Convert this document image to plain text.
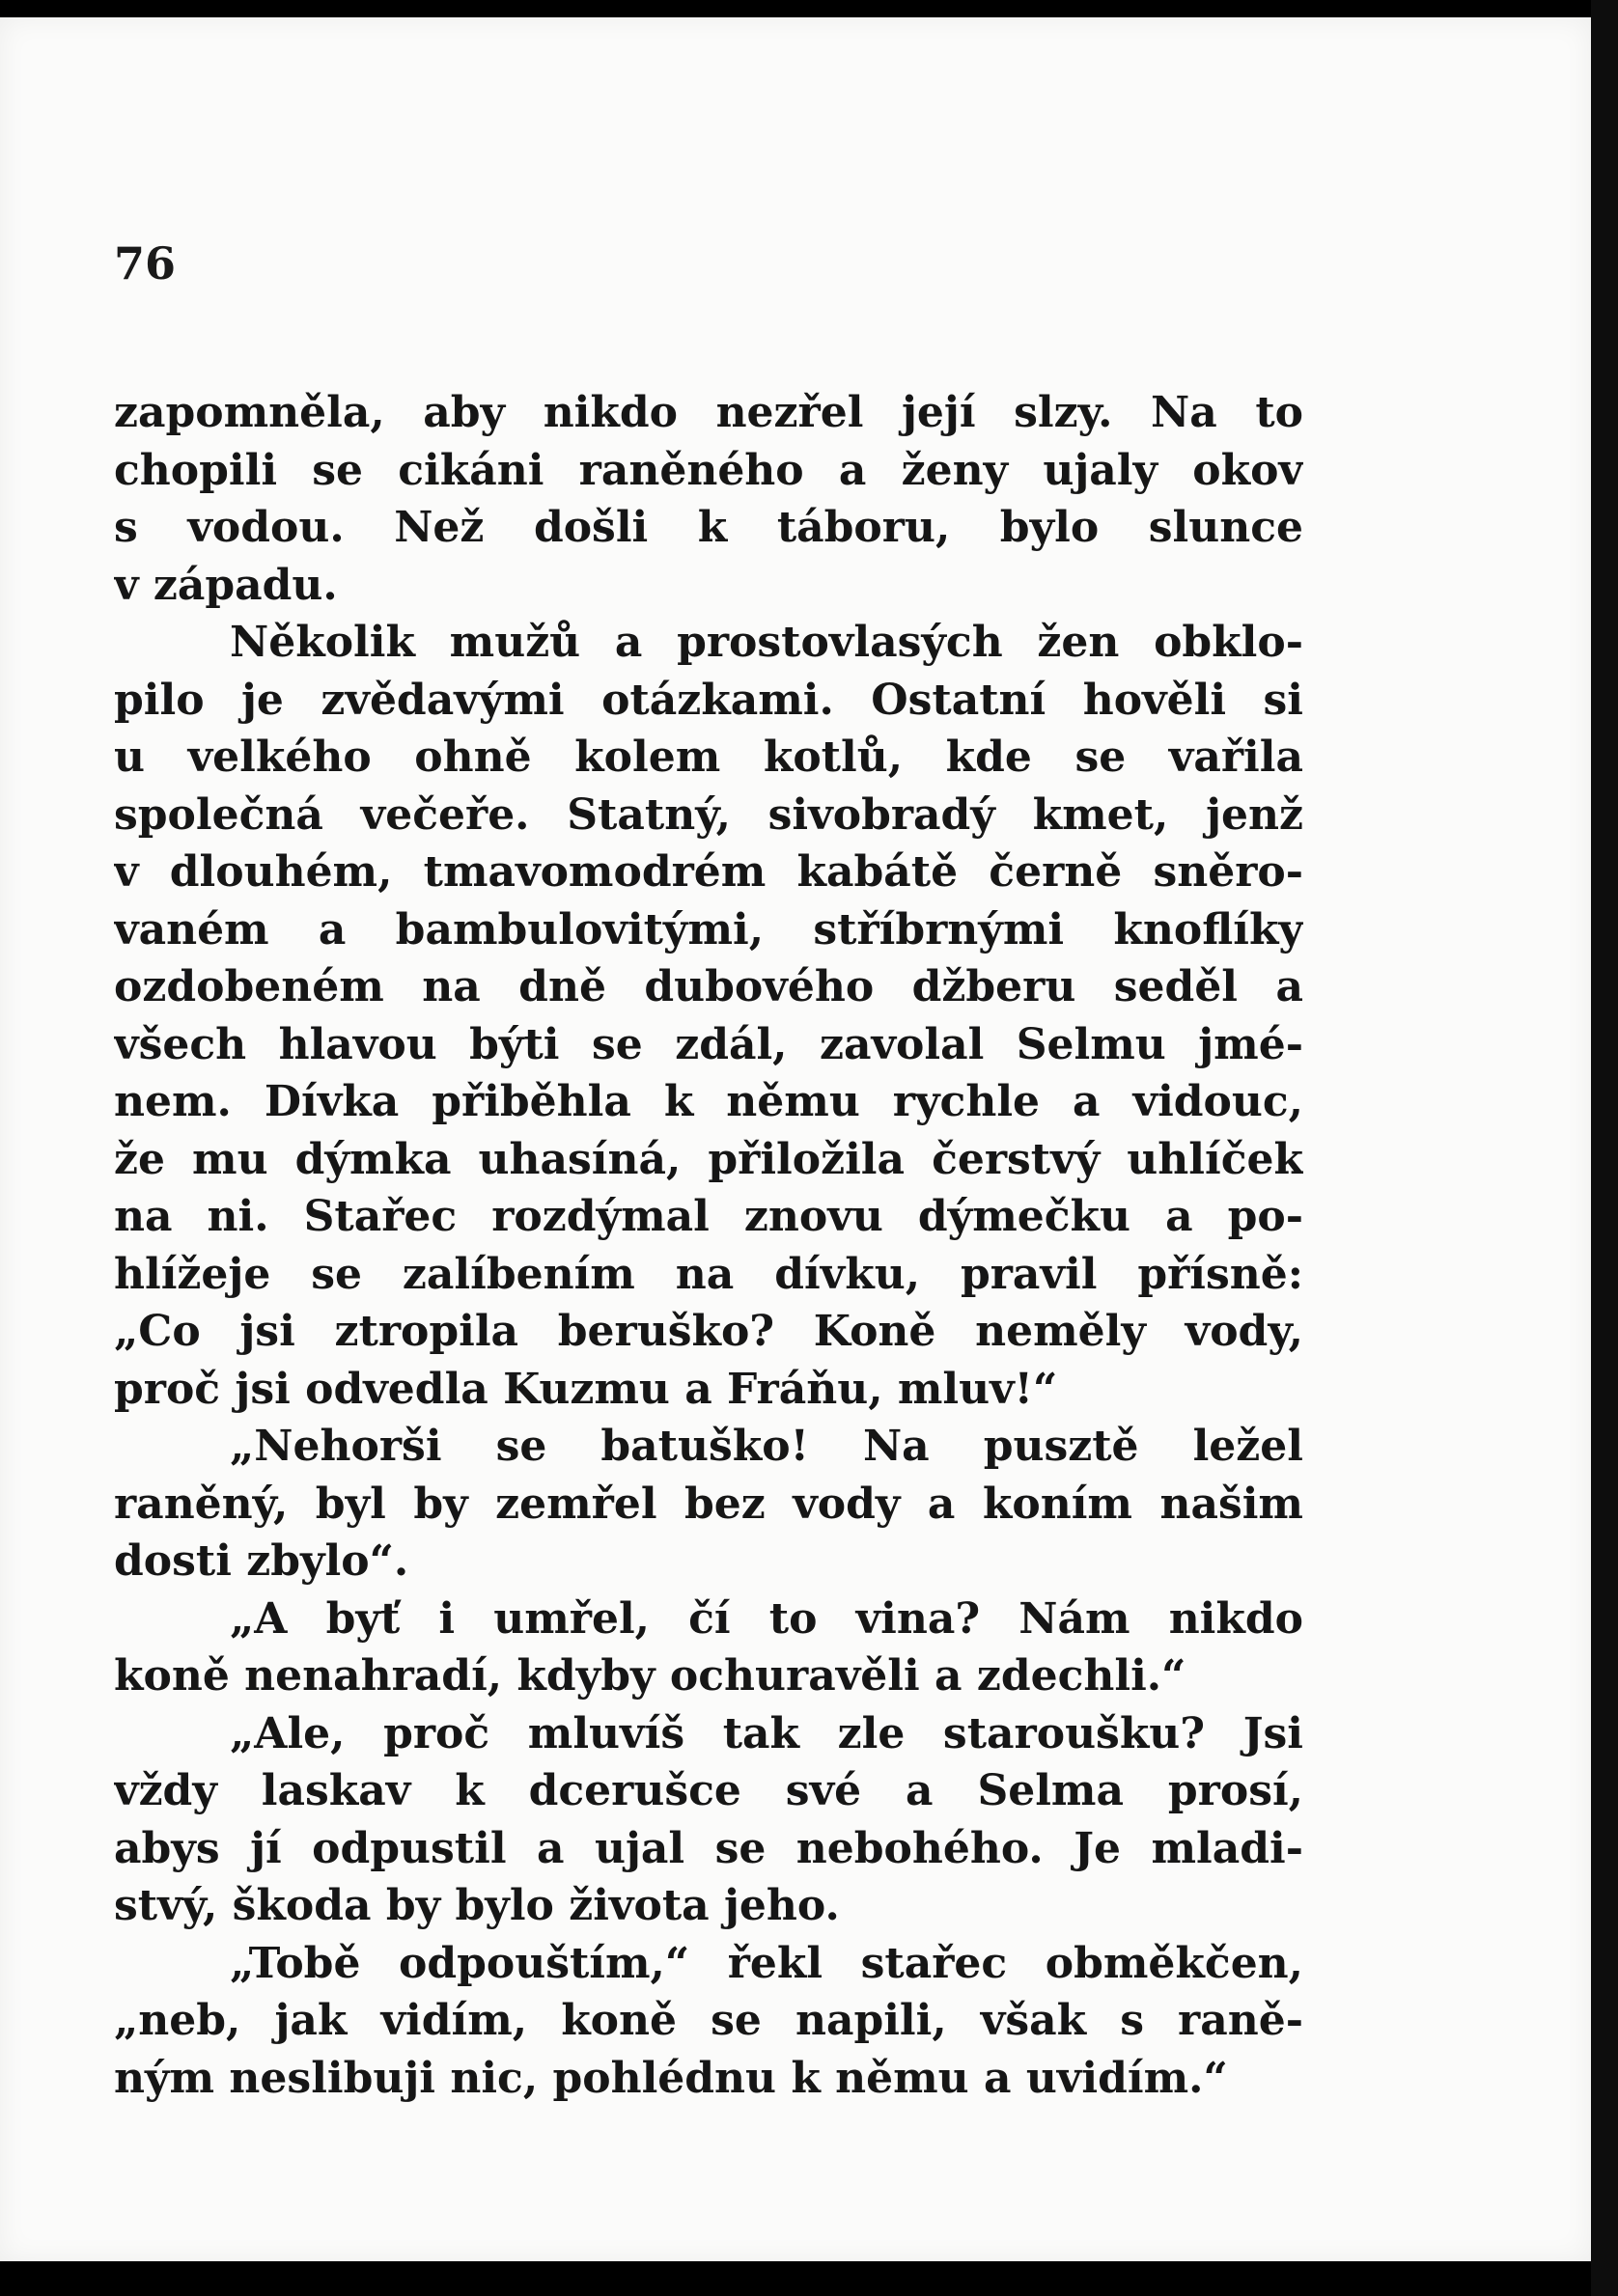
76

zapomněla, aby nikdo nezřel její slzy. Na to
chopili se cikáni raněného a ženy ujaly okov
s vodou. Než došli k táboru, bylo slunce
v západu.
Několik mužů a prostovlasých žen obklo-
pilo je zvědavými otázkami. Ostatní hověli si
u velkého ohně kolem kotlů, kde se vařila
společná večeře. Statný, sivobradý kmet, jenž
v dlouhém, tmavomodrém kabátě černě sněro-
vaném a bambulovitými, stříbrnými knoflíky
ozdobeném na dně dubového džberu seděl a
všech hlavou býti se zdál, zavolal Selmu jmé-
nem. Dívka přiběhla k němu rychle a vidouc,
že mu dýmka uhasíná, přiložila čerstvý uhlíček
na ni. Stařec rozdýmal znovu dýmečku a po-
hlížeje se zalíbením na dívku, pravil přísně:
„Co jsi ztropila beruško? Koně neměly vody,
proč jsi odvedla Kuzmu a Fráňu, mluv!“
„Nehorši se batuško! Na pusztě ležel
raněný, byl by zemřel bez vody a koním našim
dosti zbylo“.
„A byť i umřel, čí to vina? Nám nikdo
koně nenahradí, kdyby ochuravěli a zdechli.“
„Ale, proč mluvíš tak zle staroušku? Jsi
vždy laskav k dcerušce své a Selma prosí,
abys jí odpustil a ujal se nebohého. Je mladi-
stvý, škoda by bylo života jeho.
„Tobě odpouštím,“ řekl stařec obměkčen,
„neb, jak vidím, koně se napili, však s raně-
ným neslibuji nic, pohlédnu k němu a uvidím.“
